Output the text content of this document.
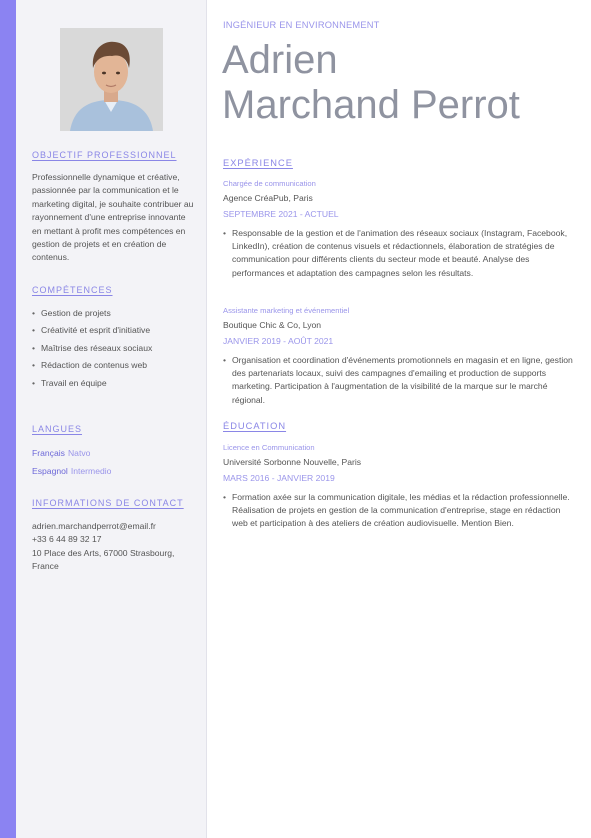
OBJECTIF PROFESSIONNEL
Professionnelle dynamique et créative, passionnée par la communication et le marketing digital, je souhaite contribuer au rayonnement d'une entreprise innovante en mettant à profit mes compétences en gestion de projets et en création de contenus.
COMPÉTENCES
• Gestion de projets
• Créativité et esprit d'initiative
• Maîtrise des réseaux sociaux
• Rédaction de contenus web
• Travail en équipe
LANGUES
Français Natvo
Espagnol Intermedio
INFORMATIONS DE CONTACT
adrien.marchandperrot@email.fr
+33 6 44 89 32 17
10 Place des Arts, 67000 Strasbourg, France
INGÉNIEUR EN ENVIRONNEMENT
Adrien
Marchand Perrot
EXPÉRIENCE
Chargée de communication
Agence CréaPub, Paris
SEPTEMBRE 2021 - ACTUEL
• Responsable de la gestion et de l'animation des réseaux sociaux (Instagram, Facebook, LinkedIn), création de contenus visuels et rédactionnels, élaboration de stratégies de communication pour différents clients du secteur mode et beauté. Analyse des performances et adaptation des campagnes selon les résultats.
Assistante marketing et événementiel
Boutique Chic & Co, Lyon
JANVIER 2019 - AOÛT 2021
• Organisation et coordination d'événements promotionnels en magasin et en ligne, gestion des partenariats locaux, suivi des campagnes d'emailing et production de supports marketing. Participation à l'augmentation de la visibilité de la marque sur le marché régional.
ÉDUCATION
Licence en Communication
Université Sorbonne Nouvelle, Paris
MARS 2016 - JANVIER 2019
• Formation axée sur la communication digitale, les médias et la rédaction professionnelle. Réalisation de projets en gestion de la communication d'entreprise, stage en rédaction web et participation à des ateliers de création audiovisuelle. Mention Bien.
